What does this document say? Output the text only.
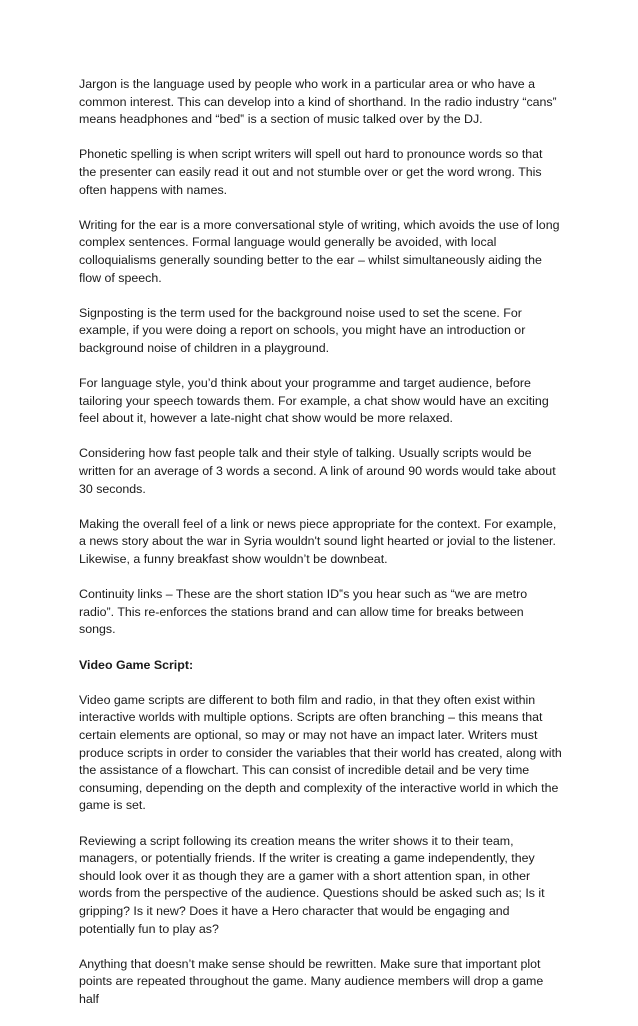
Jargon is the language used by people who work in a particular area or who have a common interest. This can develop into a kind of shorthand. In the radio industry “cans‟ means headphones and “bed‟ is a section of music talked over by the DJ.

Phonetic spelling is when script writers will spell out hard to pronounce words so that the presenter can easily read it out and not stumble over or get the word wrong. This often happens with names.

Writing for the ear is a more conversational style of writing, which avoids the use of long complex sentences. Formal language would generally be avoided, with local colloquialisms generally sounding better to the ear – whilst simultaneously aiding the flow of speech.

Signposting is the term used for the background noise used to set the scene. For example, if you were doing a report on schools, you might have an introduction or background noise of children in a playground.

For language style, you’d think about your programme and target audience, before tailoring your speech towards them. For example, a chat show would have an exciting feel about it, however a late-night chat show would be more relaxed.

Considering how fast people talk and their style of talking. Usually scripts would be written for an average of 3 words a second. A link of around 90 words would take about 30 seconds.

Making the overall feel of a link or news piece appropriate for the context. For example, a news story about the war in Syria wouldn't sound light hearted or jovial to the listener. Likewise, a funny breakfast show wouldn’t be downbeat.

Continuity links – These are the short station ID‟s you hear such as “we are metro radio”. This re-enforces the stations brand and can allow time for breaks between songs.

Video Game Script:

Video game scripts are different to both film and radio, in that they often exist within interactive worlds with multiple options. Scripts are often branching – this means that certain elements are optional, so may or may not have an impact later. Writers must produce scripts in order to consider the variables that their world has created, along with the assistance of a flowchart. This can consist of incredible detail and be very time consuming, depending on the depth and complexity of the interactive world in which the game is set.

Reviewing a script following its creation means the writer shows it to their team, managers, or potentially friends. If the writer is creating a game independently, they should look over it as though they are a gamer with a short attention span, in other words from the perspective of the audience. Questions should be asked such as; Is it gripping? Is it new? Does it have a Hero character that would be engaging and potentially fun to play as?

Anything that doesn’t make sense should be rewritten. Make sure that important plot points are repeated throughout the game. Many audience members will drop a game half
